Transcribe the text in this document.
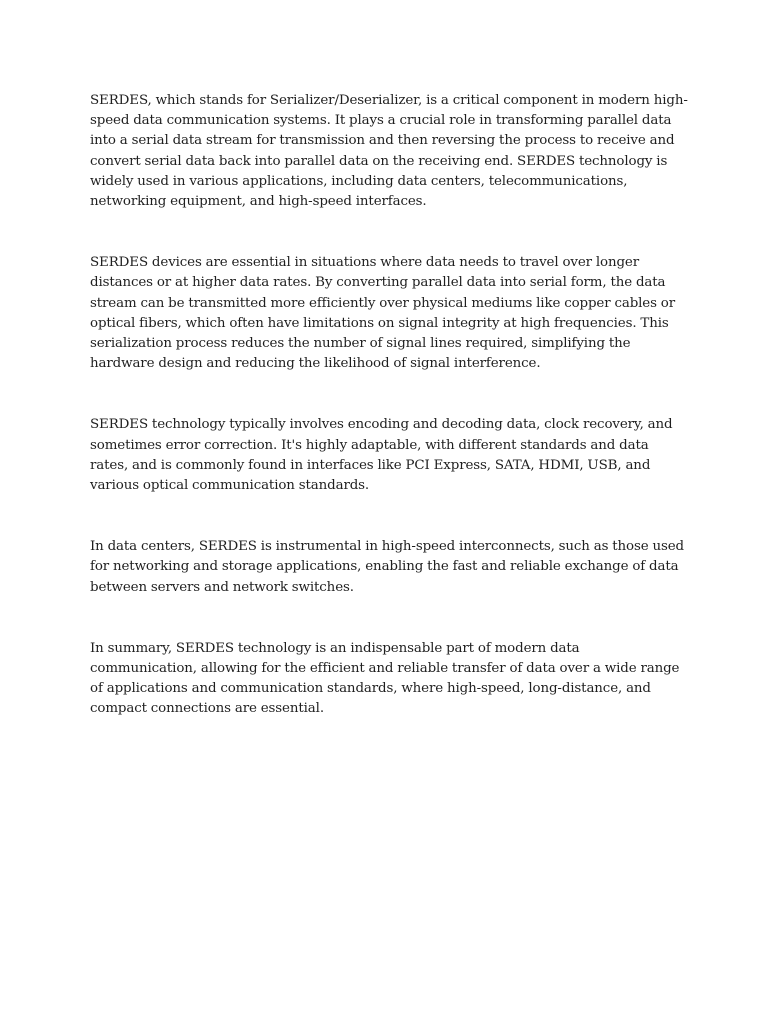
SERDES, which stands for Serializer/Deserializer, is a critical component in modern high-speed data communication systems. It plays a crucial role in transforming parallel data into a serial data stream for transmission and then reversing the process to receive and convert serial data back into parallel data on the receiving end. SERDES technology is widely used in various applications, including data centers, telecommunications, networking equipment, and high-speed interfaces.

SERDES devices are essential in situations where data needs to travel over longer distances or at higher data rates. By converting parallel data into serial form, the data stream can be transmitted more efficiently over physical mediums like copper cables or optical fibers, which often have limitations on signal integrity at high frequencies. This serialization process reduces the number of signal lines required, simplifying the hardware design and reducing the likelihood of signal interference.

SERDES technology typically involves encoding and decoding data, clock recovery, and sometimes error correction. It's highly adaptable, with different standards and data rates, and is commonly found in interfaces like PCI Express, SATA, HDMI, USB, and various optical communication standards.

In data centers, SERDES is instrumental in high-speed interconnects, such as those used for networking and storage applications, enabling the fast and reliable exchange of data between servers and network switches.

In summary, SERDES technology is an indispensable part of modern data communication, allowing for the efficient and reliable transfer of data over a wide range of applications and communication standards, where high-speed, long-distance, and compact connections are essential.
